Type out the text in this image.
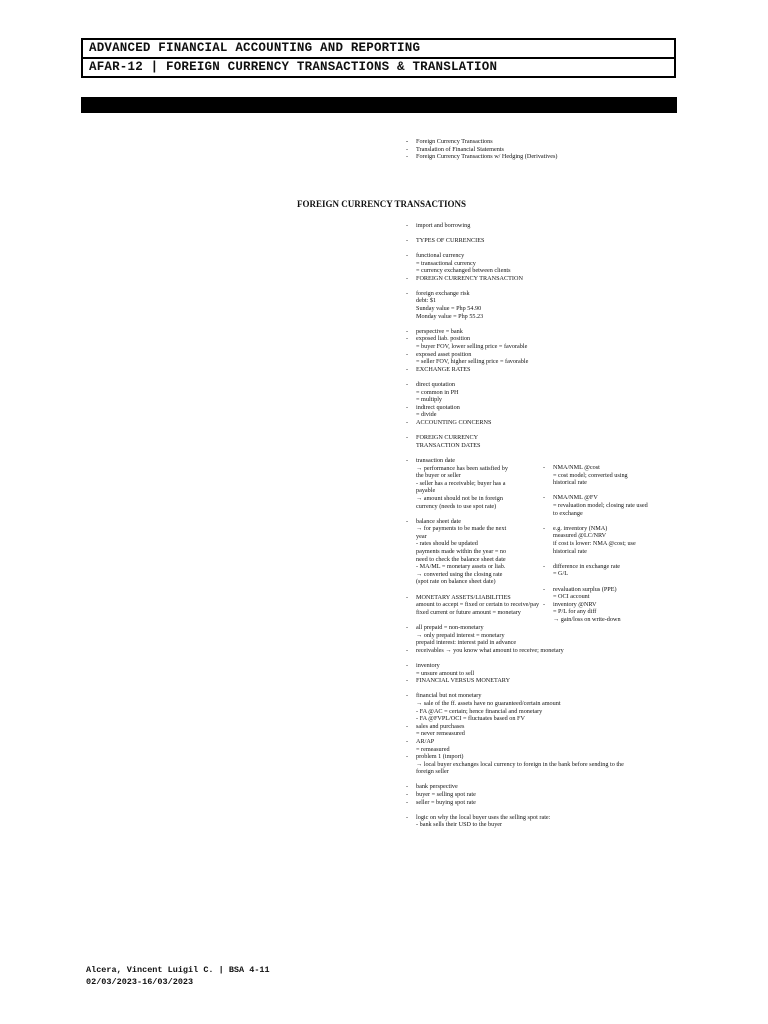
ADVANCED FINANCIAL ACCOUNTING AND REPORTING
AFAR-12 | FOREIGN CURRENCY TRANSACTIONS & TRANSLATION
FOREIGN CURRENCY TRANSACTIONS
- Foreign Currency Transactions
- Translation of Financial Statements
- Foreign Currency Transactions w/ Hedging (Derivatives)
- import and borrowing
- TYPES OF CURRENCIES
- functional currency
= transactional currency
= currency exchanged between clients
- FOREIGN CURRENCY TRANSACTION
- foreign exchange risk
debt: $1
Sunday value = Php 54.90
Monday value = Php 55.23
- perspective = bank
- exposed liab. position
= buyer FOV, lower selling price = favorable
- exposed asset position
= seller FOV, higher selling price = favorable
- EXCHANGE RATES
- direct quotation
= common in PH
= multiply
- indirect quotation
= divide
- ACCOUNTING CONCERNS
- FOREIGN CURRENCY
TRANSACTION DATES
- transaction date
→ performance has been satisfied by
the buyer or seller
- seller has a receivable; buyer has a
payable
→ amount should not be in foreign
currency (needs to use spot rate)
- balance sheet date
→ for payments to be made the next
year
- rates should be updated
payments made within the year = no
need to check the balance sheet date
- MA/ML = monetary assets or liab.
→ converted using the closing rate
(spot rate on balance sheet date)
- MONETARY ASSETS/LIABILITIES
amount to accept = fixed or certain to receive/pay
fixed current or future amount = monetary
- all prepaid = non-monetary
→ only prepaid interest = monetary
prepaid interest: interest paid in advance
- receivables → you know what amount to receive; monetary
- inventory
= unsure amount to sell
- FINANCIAL VERSUS MONETARY
- financial but not monetary
→ sale of the ff. assets have no guaranteed/certain amount
- FA @AC = certain; hence financial and monetary
- FA @FVPL/OCI = fluctuates based on FV
- sales and purchases
= never remeasured
- AR/AP
= remeasured
- problem 1 (import)
→ local buyer exchanges local currency to foreign in the bank before sending to the
foreign seller
- bank perspective
- buyer = selling spot rate
- seller = buying spot rate
- logic on why the local buyer uses the selling spot rate:
- bank sells their USD to the buyer
- NMA/NML @cost
= cost model; converted using
historical rate
- NMA/NML @FV
= revaluation model; closing rate used
to exchange
- e.g. inventory (NMA)
measured @LC/NRV
if cost is lower: NMA @cost; use
historical rate
- difference in exchange rate
= G/L
- revaluation surplus (PPE)
= OCI account
- inventory @NRV
= P/L for any diff
→ gain/loss on write-down
Alcera, Vincent Luigil C. | BSA 4-11
02/03/2023-16/03/2023
